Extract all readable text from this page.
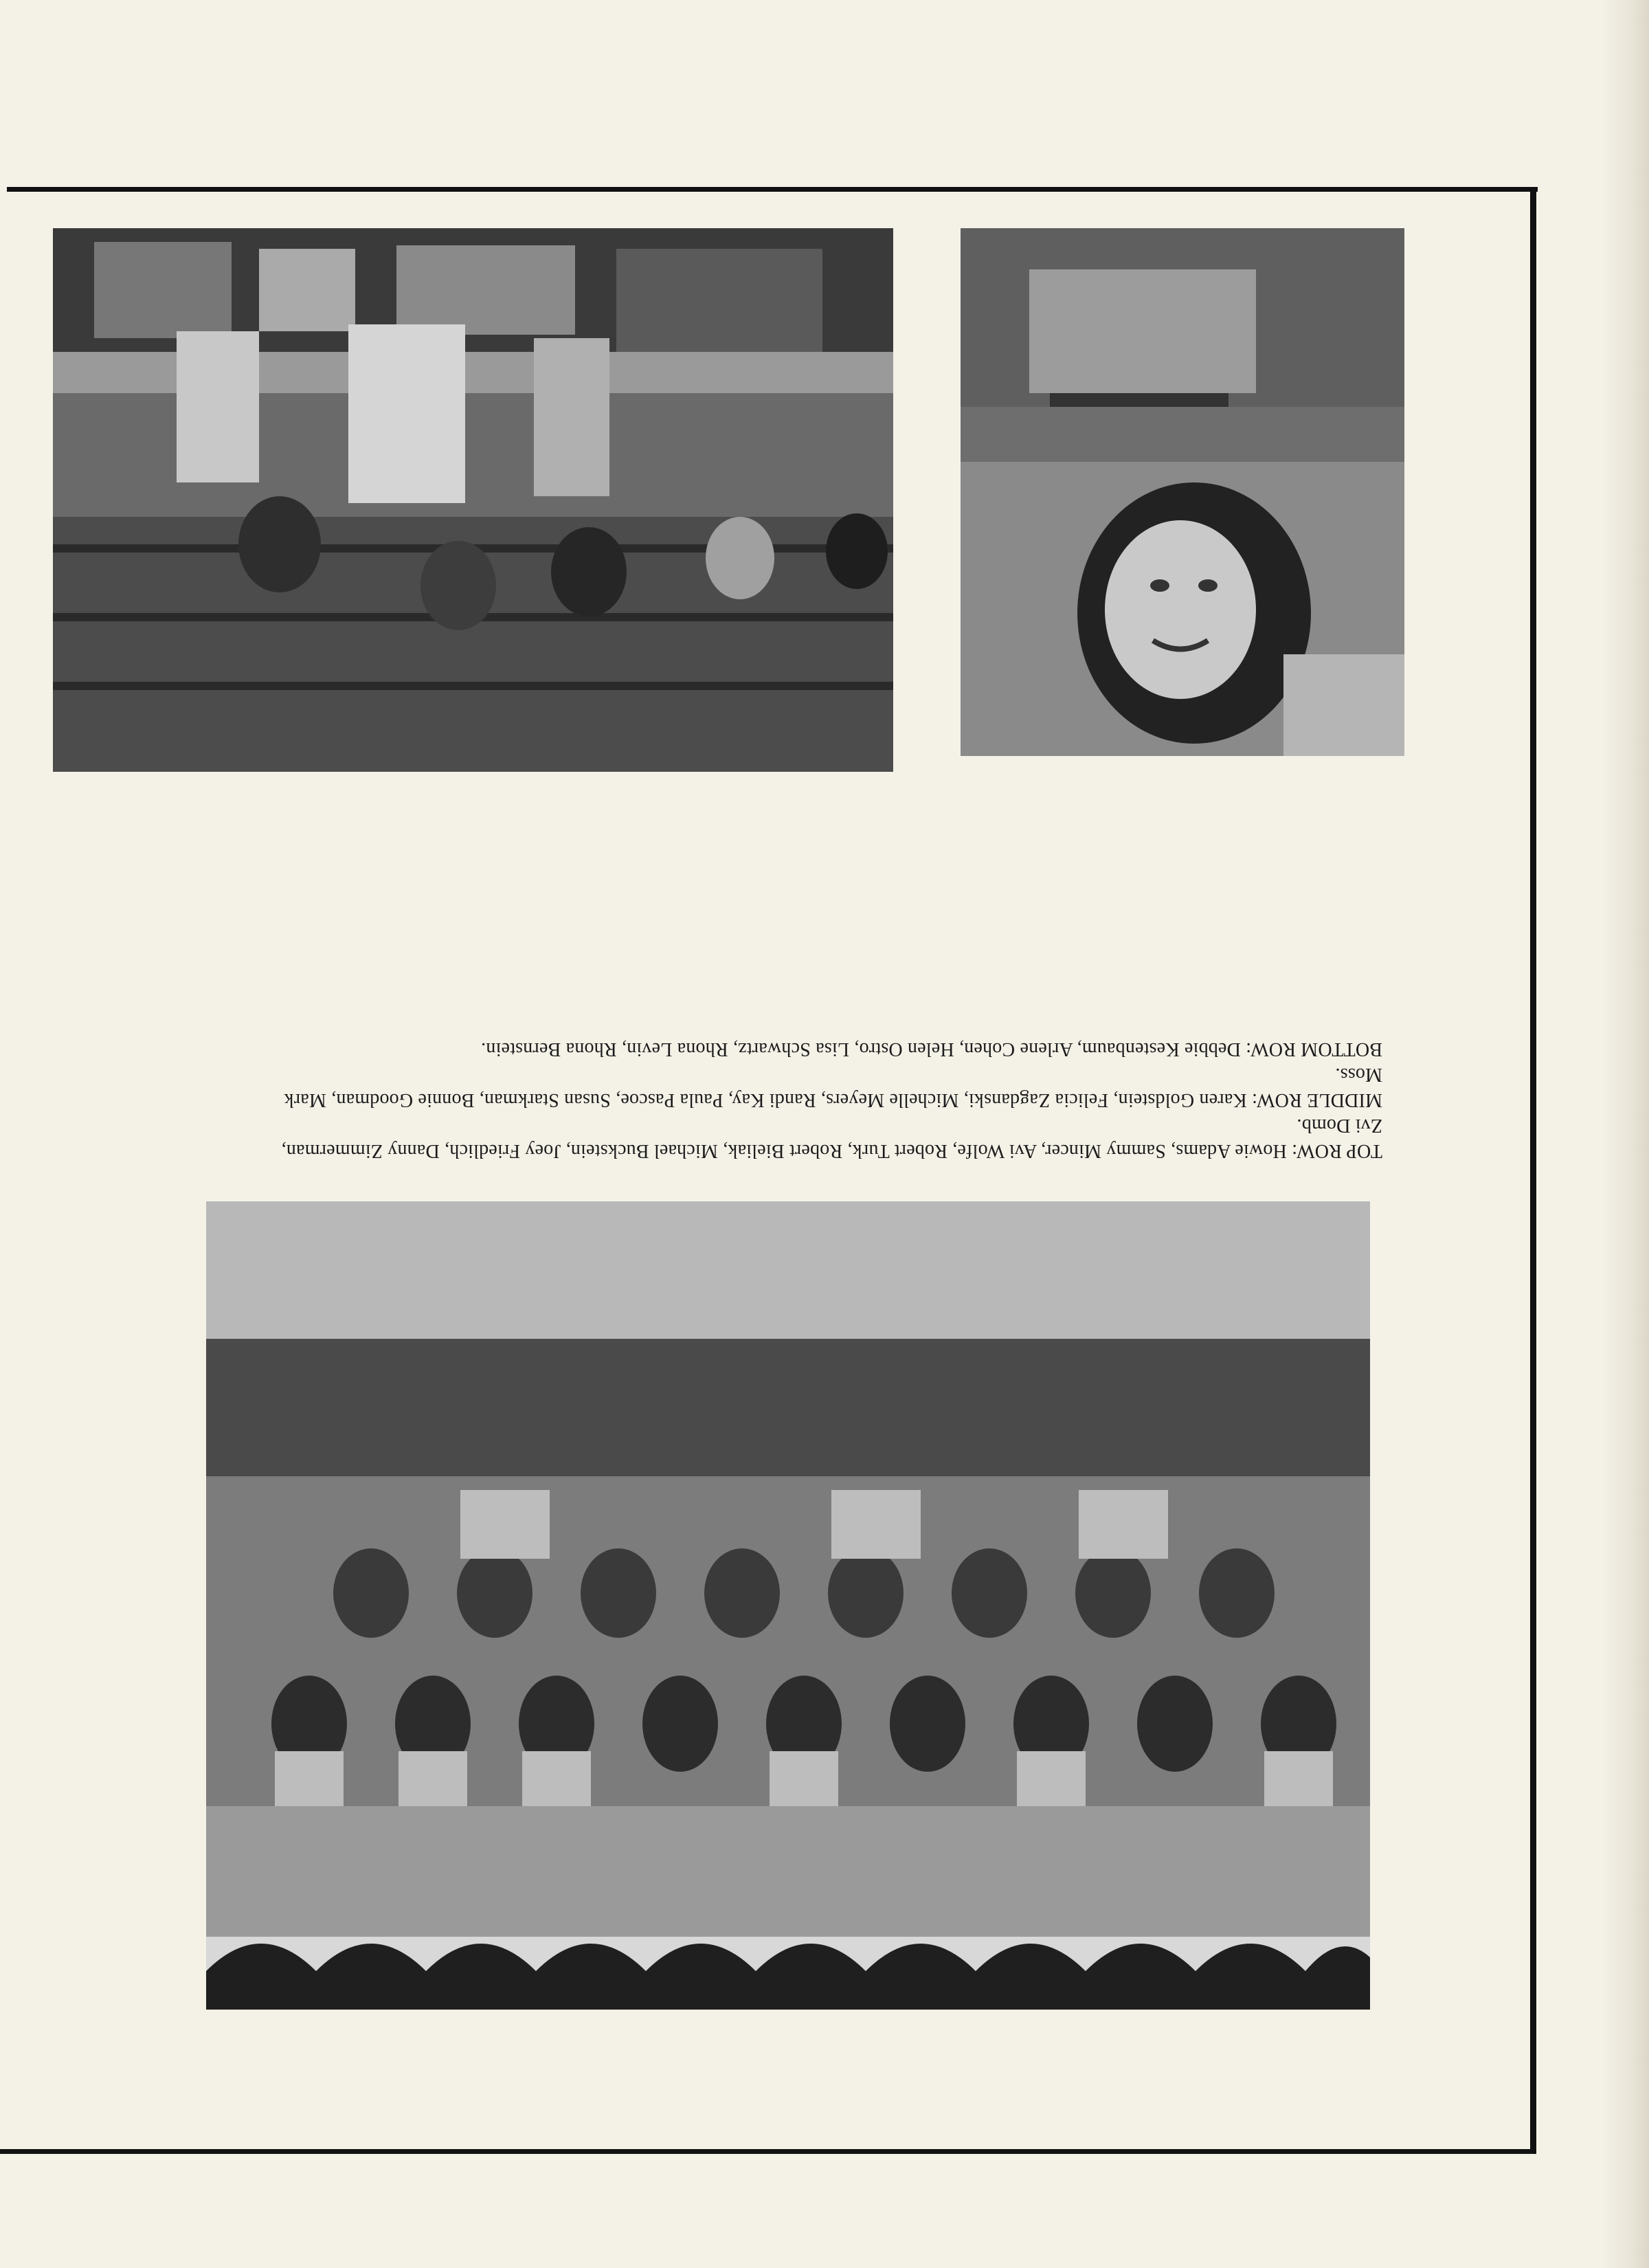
TOP ROW: Howie Adams, Sammy Mincer, Avi Wolfe, Robert Turk, Robert Bieliak, Michael Buckstein, Joey Friedlich, Danny Zimmerman, Zvi Domb.

MIDDLE ROW: Karen Goldstein, Felicia Zagdanski, Michelle Meyers, Randi Kay, Paula Pascoe, Susan Starkman, Bonnie Goodman, Mark Moss.

BOTTOM ROW: Debbie Kestenbaum, Arlene Cohen, Helen Ostro, Lisa Schwartz, Rhona Levin, Rhona Bernstein.
